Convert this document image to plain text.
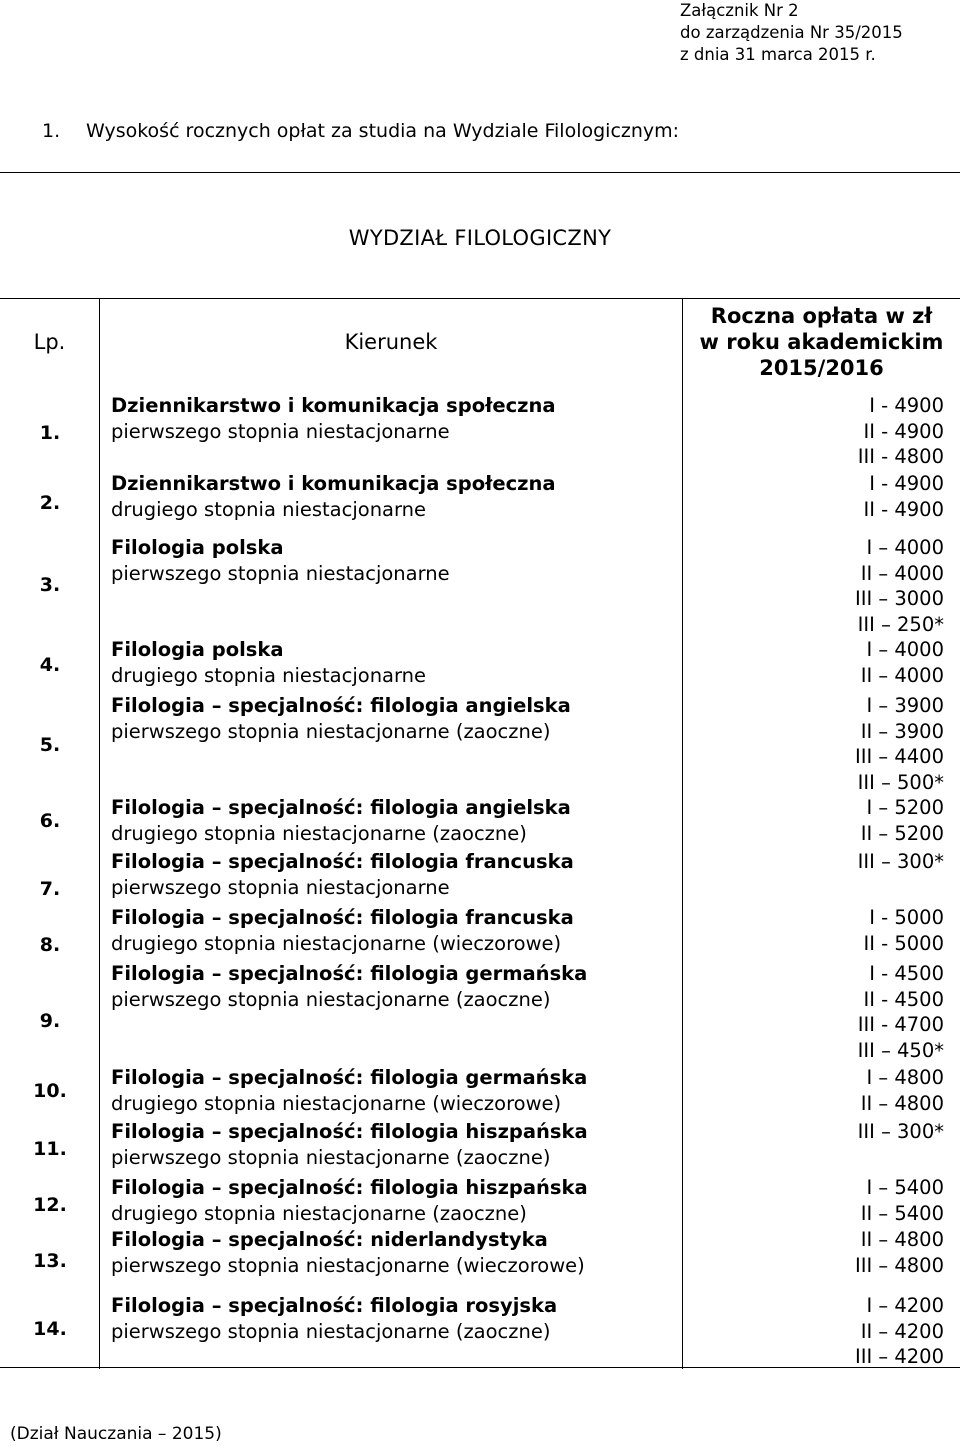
Załącznik Nr 2
do zarządzenia Nr 35/2015
z dnia 31 marca 2015 r.
1. Wysokość rocznych opłat za studia na Wydziale Filologicznym:
WYDZIAŁ FILOLOGICZNY
Lp.	Kierunek
Roczna opłata w zł
w roku akademickim
2015/2016
1.
2.
3.
4.
5.
6.
7.
8.
9.
10.
11.
12.
13.
14.
Dziennikarstwo i komunikacja społeczna
pierwszego stopnia niestacjonarne
Dziennikarstwo i komunikacja społeczna
drugiego stopnia niestacjonarne
Filologia polska
pierwszego stopnia niestacjonarne
Filologia polska
drugiego stopnia niestacjonarne
Filologia – specjalność: filologia angielska
pierwszego stopnia niestacjonarne (zaoczne)
Filologia – specjalność: filologia angielska
drugiego stopnia niestacjonarne (zaoczne)
Filologia – specjalność: filologia francuska
pierwszego stopnia niestacjonarne
Filologia – specjalność: filologia francuska
drugiego stopnia niestacjonarne (wieczorowe)
Filologia – specjalność: filologia germańska
pierwszego stopnia niestacjonarne (zaoczne)
Filologia – specjalność: filologia germańska
drugiego stopnia niestacjonarne (wieczorowe)
Filologia – specjalność: filologia hiszpańska
pierwszego stopnia niestacjonarne (zaoczne)
Filologia – specjalność: filologia hiszpańska
drugiego stopnia niestacjonarne (zaoczne)
Filologia – specjalność: niderlandystyka
pierwszego stopnia niestacjonarne (wieczorowe)
Filologia – specjalność: filologia rosyjska
pierwszego stopnia niestacjonarne (zaoczne)
I - 4900
II - 4900
III - 4800
I - 4900
II - 4900
I – 4000
II – 4000
III – 3000
III – 250*
I – 4000
II – 4000
I – 3900
II – 3900
III – 4400
III – 500*
I – 5200
II – 5200
III – 300*
I - 5000
II - 5000
I - 4500
II - 4500
III - 4700
III – 450*
I – 4800
II – 4800
III – 300*
I – 5400
II – 5400
II – 4800
III – 4800
I – 4200
II – 4200
III – 4200
(Dział Nauczania – 2015)
